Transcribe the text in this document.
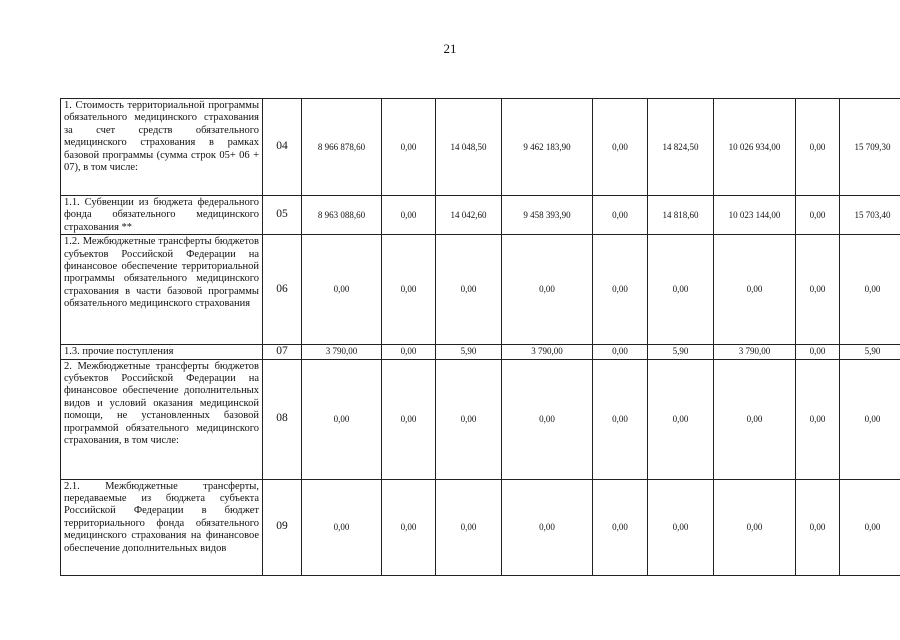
21
1. Стоимость территориальной программы обязательного медицинского страхования за счет средств обязательного медицинского страхования в рамках базовой программы (сумма строк 05+ 06 + 07), в том числе:	04	8 966 878,60	0,00	14 048,50	9 462 183,90	0,00	14 824,50	10 026 934,00	0,00	15 709,30
1.1. Субвенции из бюджета федерального фонда обязательного медицинского страхования **	05	8 963 088,60	0,00	14 042,60	9 458 393,90	0,00	14 818,60	10 023 144,00	0,00	15 703,40
1.2. Межбюджетные трансферты бюджетов субъектов Российской Федерации на финансовое обеспечение территориальной программы обязательного медицинского страхования в части базовой программы обязательного медицинского страхования	06	0,00	0,00	0,00	0,00	0,00	0,00	0,00	0,00	0,00
1.3. прочие поступления	07	3 790,00	0,00	5,90	3 790,00	0,00	5,90	3 790,00	0,00	5,90
2. Межбюджетные трансферты бюджетов субъектов Российской Федерации на финансовое обеспечение дополнительных видов и условий оказания медицинской помощи, не установленных базовой программой обязательного медицинского страхования, в том числе:	08	0,00	0,00	0,00	0,00	0,00	0,00	0,00	0,00	0,00
2.1. Межбюджетные трансферты, передаваемые из бюджета субъекта Российской Федерации в бюджет территориального фонда обязательного медицинского страхования на финансовое обеспечение дополнительных видов	09	0,00	0,00	0,00	0,00	0,00	0,00	0,00	0,00	0,00
